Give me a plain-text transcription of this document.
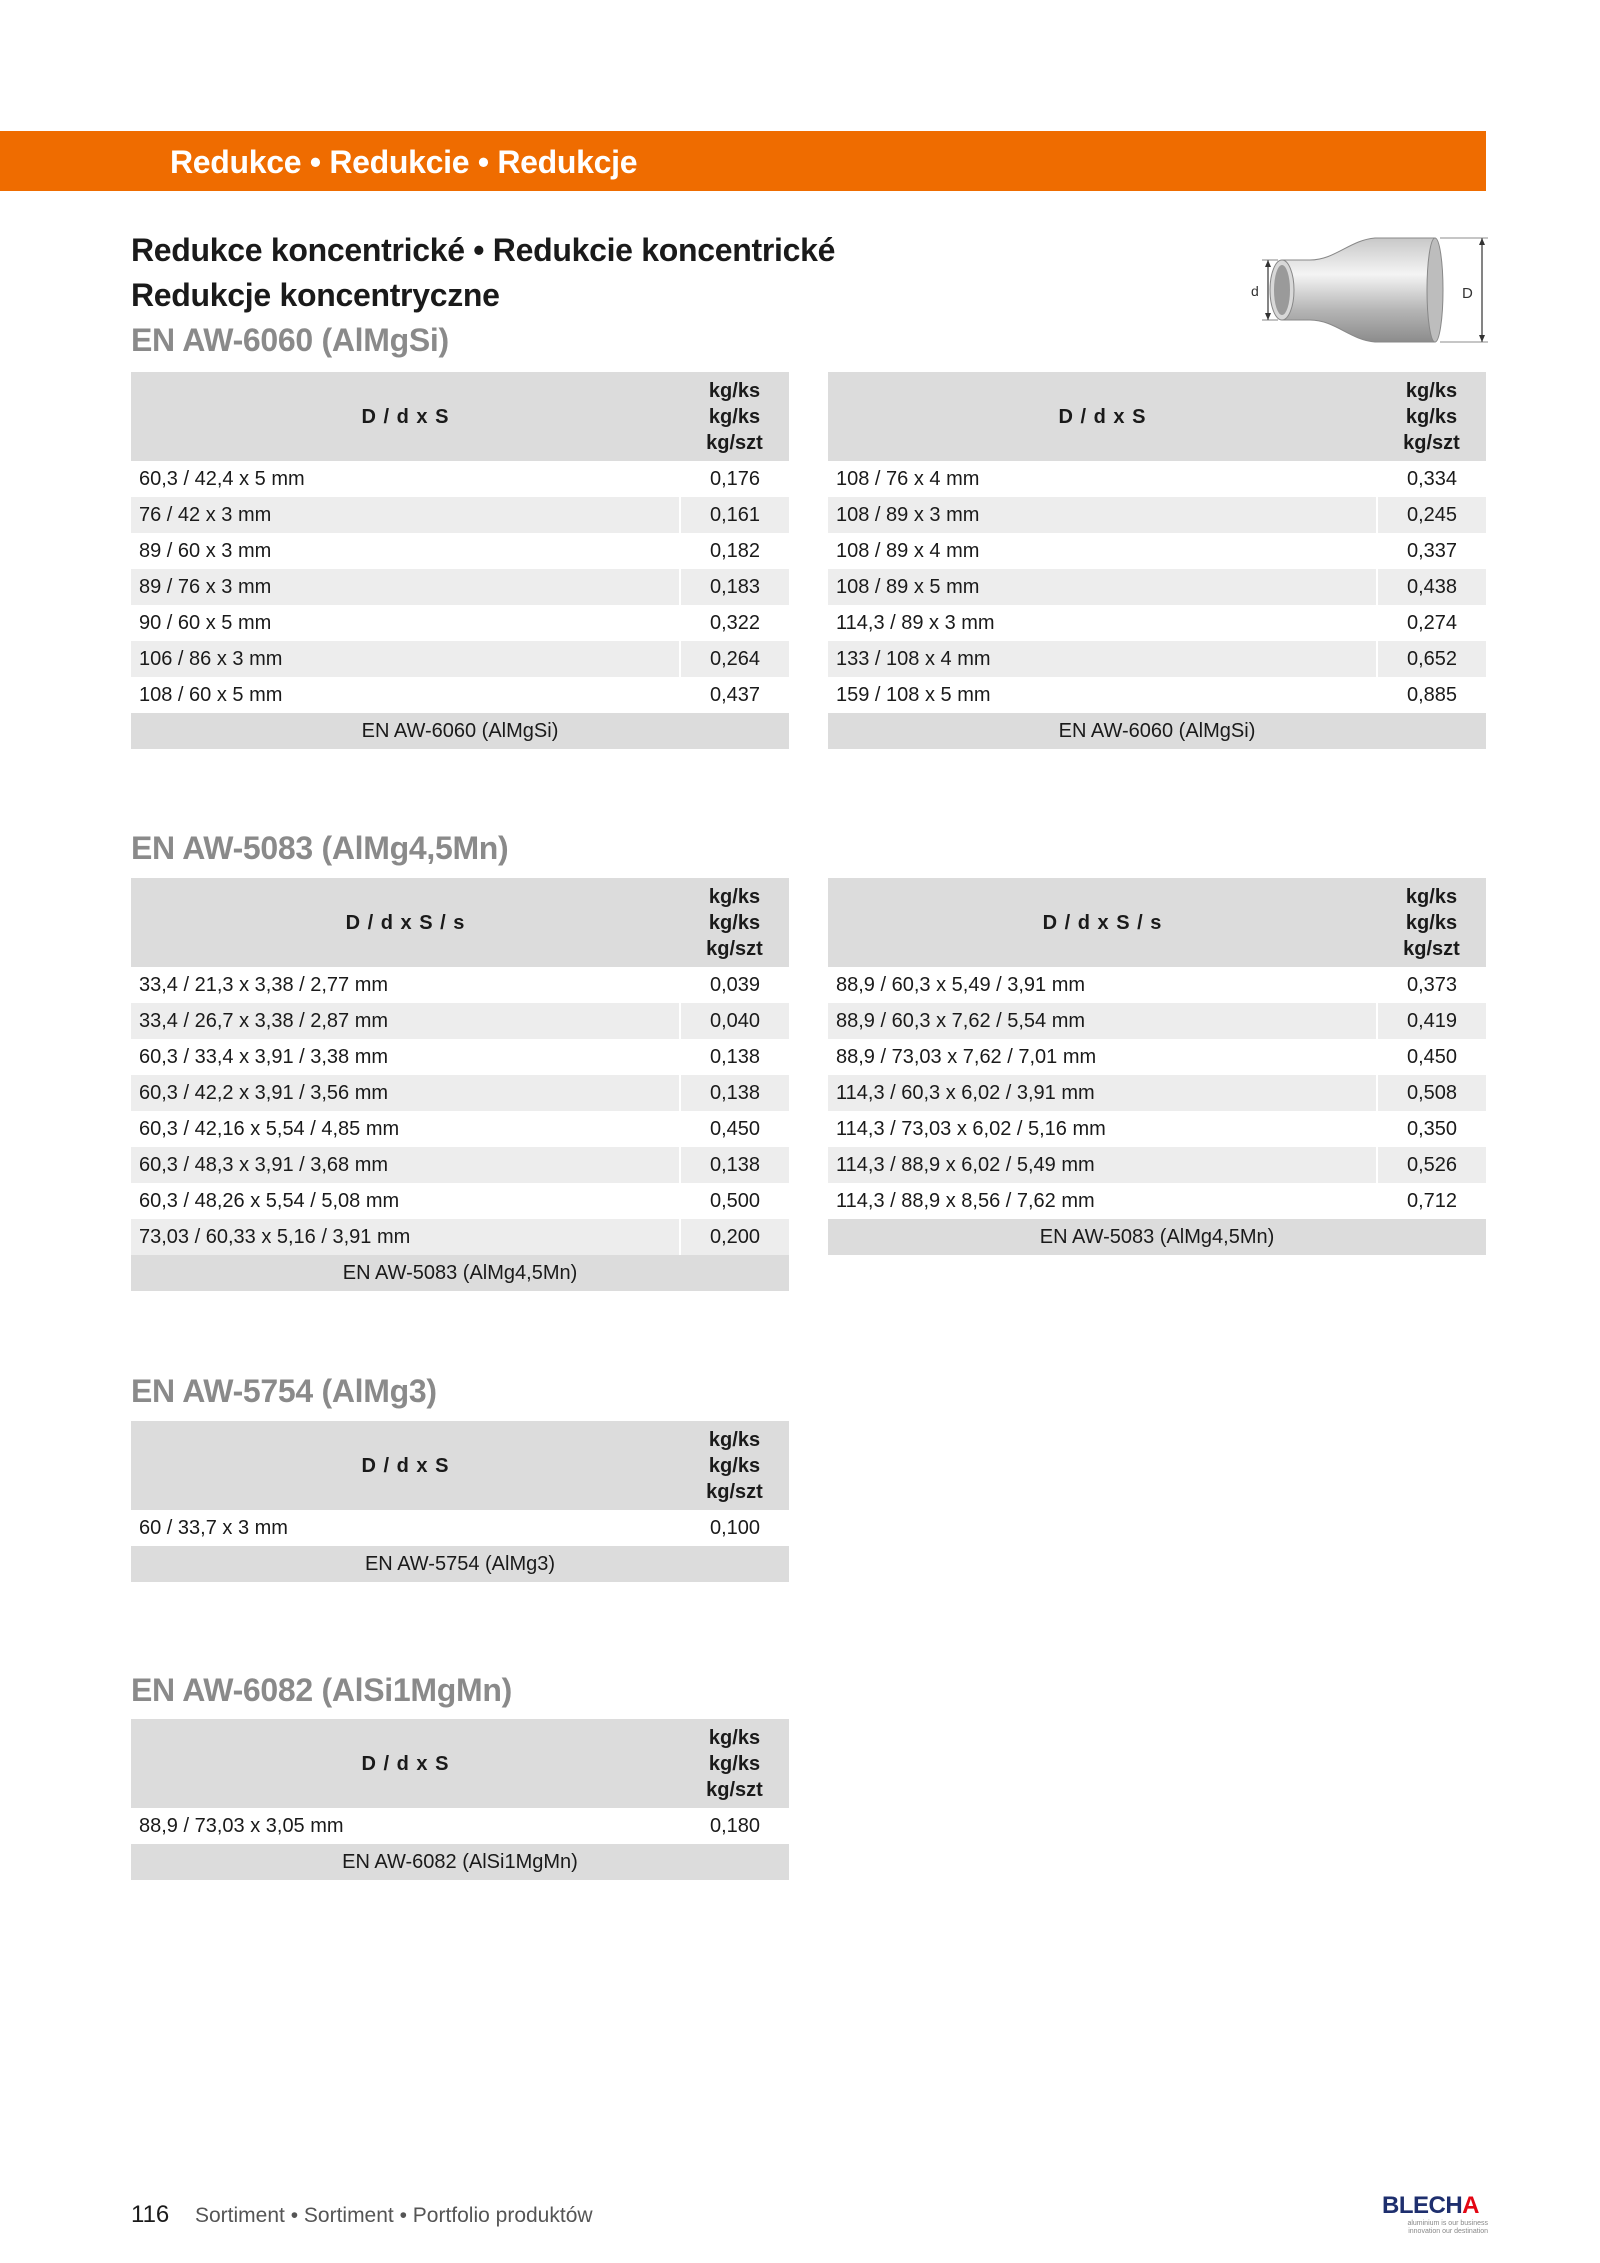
Redukce • Redukcie • Redukcje
Redukce koncentrické • Redukcie koncentrické
Redukcje koncentryczne
EN AW-6060 (AlMgSi)
d	D
D / d x S	kg/ks
kg/ks
kg/szt

60,3 / 42,4 x 5 mm	0,176
76 / 42 x 3 mm	0,161
89 / 60 x 3 mm	0,182
89 / 76 x 3 mm	0,183
90 / 60 x 5 mm	0,322
106 / 86 x 3 mm	0,264
108 / 60 x 5 mm	0,437
EN AW-6060 (AlMgSi)	
D / d x S	kg/ks
kg/ks
kg/szt

108 / 76 x 4 mm	0,334
108 / 89 x 3 mm	0,245
108 / 89 x 4 mm	0,337
108 / 89 x 5 mm	0,438
114,3 / 89 x 3 mm	0,274
133 / 108 x 4 mm	0,652
159 / 108 x 5 mm	0,885
EN AW-6060 (AlMgSi)	
EN AW-5083 (AlMg4,5Mn)
D / d x S / s	kg/ks
kg/ks
kg/szt

33,4 / 21,3 x 3,38 / 2,77 mm	0,039
33,4 / 26,7 x 3,38 / 2,87 mm	0,040
60,3 / 33,4 x 3,91 / 3,38 mm	0,138
60,3 / 42,2 x 3,91 / 3,56 mm	0,138
60,3 / 42,16 x 5,54 / 4,85 mm	0,450
60,3 / 48,3 x 3,91 / 3,68 mm	0,138
60,3 / 48,26 x 5,54 / 5,08 mm	0,500
73,03 / 60,33 x 5,16 / 3,91 mm	0,200
EN AW-5083 (AlMg4,5Mn)	
D / d x S / s	kg/ks
kg/ks
kg/szt

88,9 / 60,3 x 5,49 / 3,91 mm	0,373
88,9 / 60,3 x 7,62 / 5,54 mm	0,419
88,9 / 73,03 x 7,62 / 7,01 mm	0,450
114,3 / 60,3 x 6,02 / 3,91 mm	0,508
114,3 / 73,03 x 6,02 / 5,16 mm	0,350
114,3 / 88,9 x 6,02 / 5,49 mm	0,526
114,3 / 88,9 x 8,56 / 7,62 mm	0,712
EN AW-5083 (AlMg4,5Mn)	
EN AW-5754 (AlMg3)
D / d x S	kg/ks
kg/ks
kg/szt

60 / 33,7 x 3 mm	0,100
EN AW-5754 (AlMg3)	
EN AW-6082 (AlSi1MgMn)
D / d x S	kg/ks
kg/ks
kg/szt

88,9 / 73,03 x 3,05 mm	0,180
EN AW-6082 (AlSi1MgMn)	
116 Sortiment • Sortiment • Portfolio produktów	BLECHA
aluminium is our business innovation our destination
